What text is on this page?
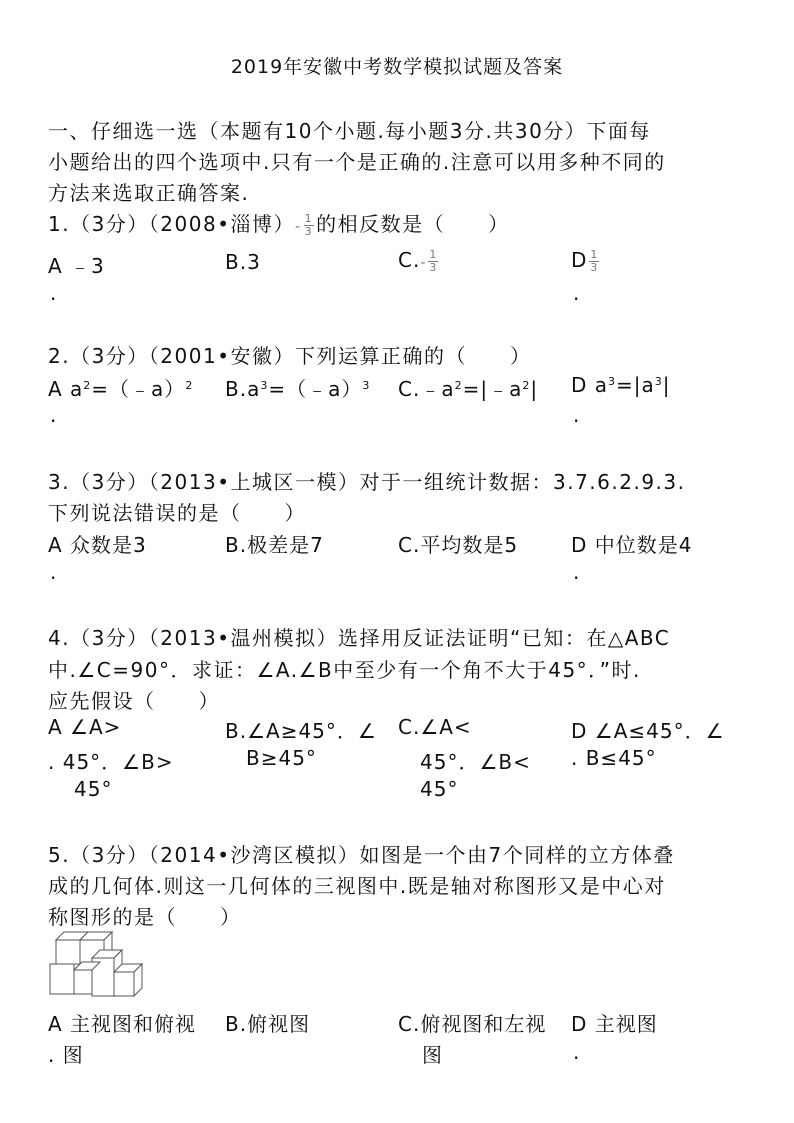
2019年安徽中考数学模拟试题及答案
一、仔细选一选（本题有10个小题.每小题3分.共30分）下面每
小题给出的四个选项中.只有一个是正确的.注意可以用多种不同的
方法来选取正确答案.
1.（3分）（2008•淄博）- $\frac{1}{3}$ 的相反数是（　　）
A ﹣3	B.3	$C.- \frac{1}{3}$	D $\frac{1}{3}$
.	.
2.（3分）（2001•安徽）下列运算正确的（　　）
A $a^2=(﹣a)^2$ $B.a^3=(﹣a)^3$ $C.﹣a^2=|﹣a^2|$ D $a^3=|a^3|$
.	.
3.（3分）（2013•上城区一模）对于一组统计数据：3.7.6.2.9.3.
下列说法错误的是（　　）
A 众数是3	B.极差是7	C.平均数是5	D 中位数是4
.	.
4.（3分）（2013•温州模拟）选择用反证法证明“已知：在△ABC
中.∠C=90°．求证：∠A.∠B中至少有一个角不大于45°．”时.
应先假设（　　）
A ∠A>
. 45°．∠B>
45°
B.∠A≥45°．∠
B≥45°
C.∠A<
45°．∠B<
45°
D ∠A≤45°．∠
. B≤45°
5.（3分）（2014•沙湾区模拟）如图是一个由7个同样的立方体叠
成的几何体.则这一几何体的三视图中.既是轴对称图形又是中心对
称图形的是（　　）
A 主视图和俯视
. 图
B.俯视图	C.俯视图和左视
图
D 主视图
.
